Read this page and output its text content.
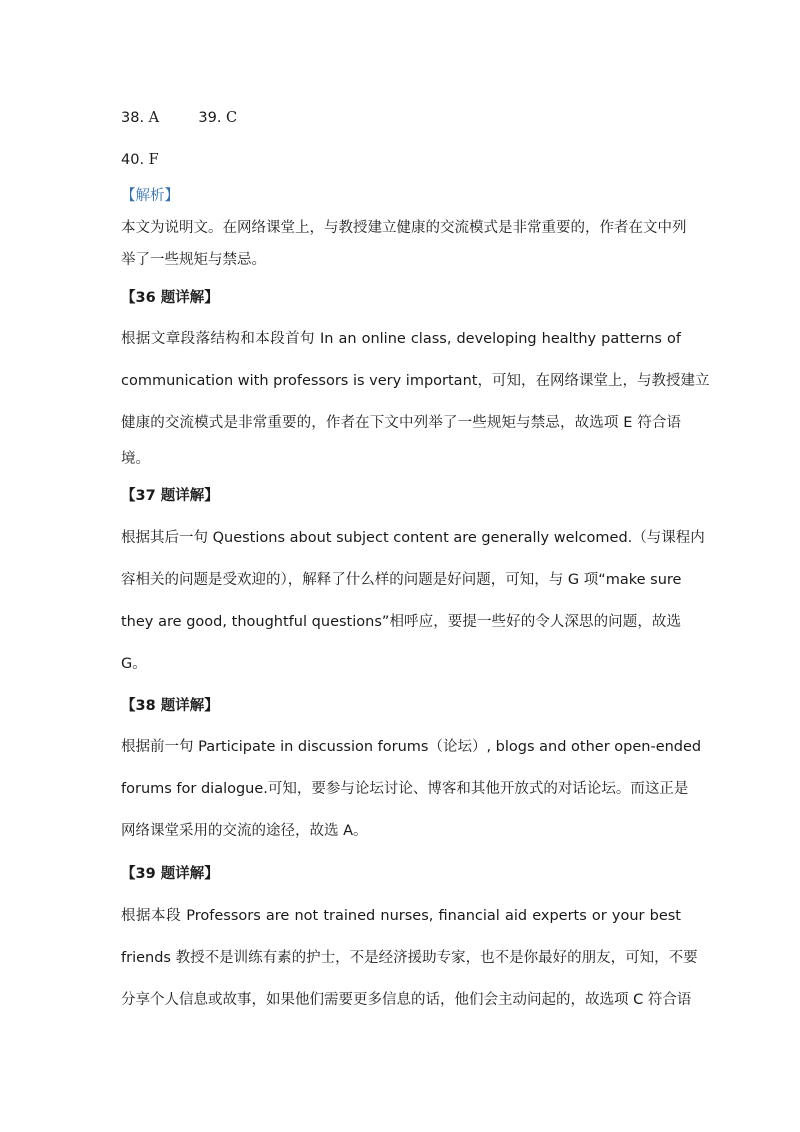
38. A	39. C
40. F
【解析】
本文为说明文。在网络课堂上，与教授建立健康的交流模式是非常重要的，作者在文中列
举了一些规矩与禁忌。
【36 题详解】
根据文章段落结构和本段首句 In an online class, developing healthy patterns of
communication with professors is very important，可知，在网络课堂上，与教授建立
健康的交流模式是非常重要的，作者在下文中列举了一些规矩与禁忌，故选项 E 符合语
境。
【37 题详解】
根据其后一句 Questions about subject content are generally welcomed.（与课程内
容相关的问题是受欢迎的），解释了什么样的问题是好问题，可知，与 G 项“make sure
they are good, thoughtful questions”相呼应，要提一些好的令人深思的问题，故选
G。
【38 题详解】
根据前一句 Participate in discussion forums（论坛）, blogs and other open-ended
forums for dialogue.可知，要参与论坛讨论、博客和其他开放式的对话论坛。而这正是
网络课堂采用的交流的途径，故选 A。
【39 题详解】
根据本段 Professors are not trained nurses, financial aid experts or your best
friends 教授不是训练有素的护士，不是经济援助专家，也不是你最好的朋友，可知，不要
分享个人信息或故事，如果他们需要更多信息的话，他们会主动问起的，故选项 C 符合语
